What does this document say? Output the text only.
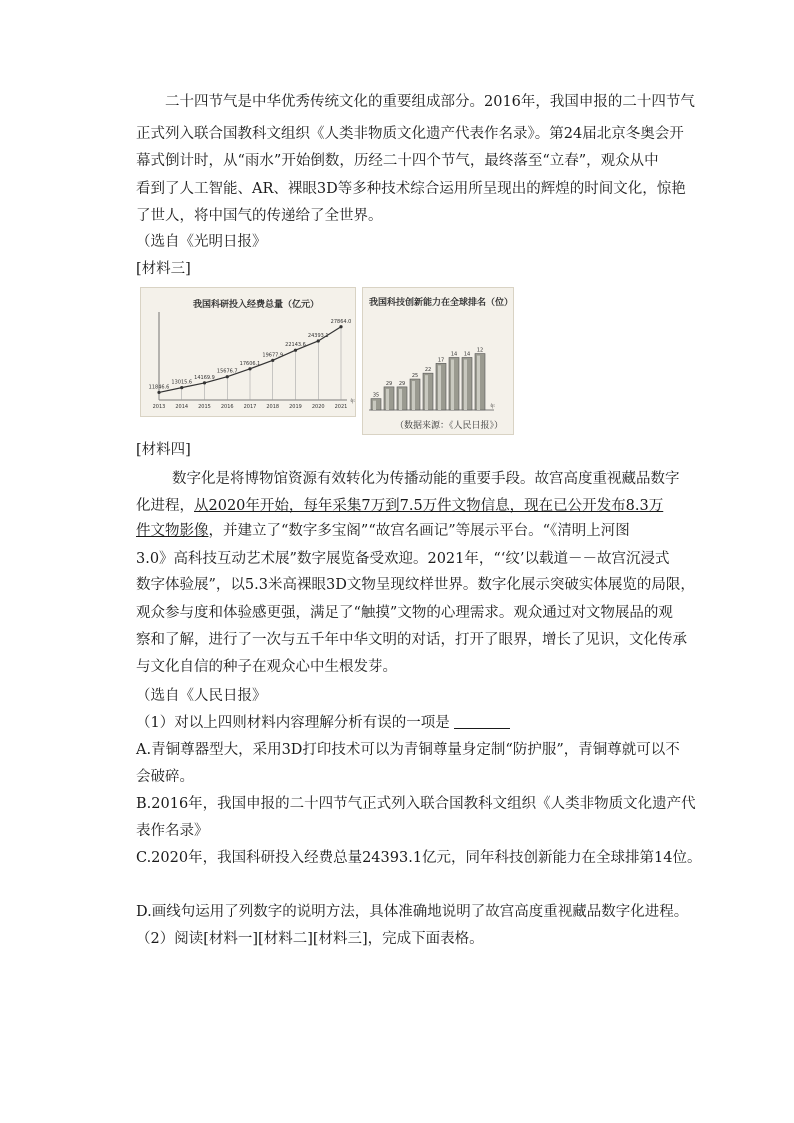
二十四节气是中华优秀传统文化的重要组成部分。2016年，我国申报的二十四节气
正式列入联合国教科文组织《人类非物质文化遗产代表作名录》。第24届北京冬奥会开
幕式倒计时，从“雨水”开始倒数，历经二十四个节气，最终落至“立春”，观众从中
看到了人工智能、AR、裸眼3D等多种技术综合运用所呈现出的辉煌的时间文化，惊艳
了世人，将中国气的传递给了全世界。
（选自《光明日报》
[材料三]
我国科研投入经费总量（亿元）
11846.6
2013
13015.6
2014
14169.9
2015
15676.7
2016
17606.1
2017
19677.9
2018
22143.6
2019
24393.1
2020
27864.0
2021
年
我国科技创新能力在全球排名（位）
35
29 29
25
22
17
14 14
12
年
（数据来源：《人民日报》）
[材料四]
数字化是将博物馆资源有效转化为传播动能的重要手段。故宫高度重视藏品数字
化进程，从2020年开始，每年采集7万到7.5万件文物信息，现在已公开发布8.3万
件文物影像，并建立了“数字多宝阁”“故宫名画记”等展示平台。“《清明上河图
3.0》高科技互动艺术展”数字展览备受欢迎。2021年，“‘纹’以载道－－故宫沉浸式
数字体验展”，以5.3米高裸眼3D文物呈现纹样世界。数字化展示突破实体展览的局限，
观众参与度和体验感更强，满足了“触摸”文物的心理需求。观众通过对文物展品的观
察和了解，进行了一次与五千年中华文明的对话，打开了眼界，增长了见识，文化传承
与文化自信的种子在观众心中生根发芽。
（选自《人民日报》
（1）对以上四则材料内容理解分析有误的一项是
A.青铜尊器型大，采用3D打印技术可以为青铜尊量身定制“防护服”，青铜尊就可以不
会破碎。
B.2016年，我国申报的二十四节气正式列入联合国教科文组织《人类非物质文化遗产代
表作名录》
C.2020年，我国科研投入经费总量24393.1亿元，同年科技创新能力在全球排第14位。
D.画线句运用了列数字的说明方法，具体准确地说明了故宫高度重视藏品数字化进程。
（2）阅读[材料一][材料二][材料三]，完成下面表格。
